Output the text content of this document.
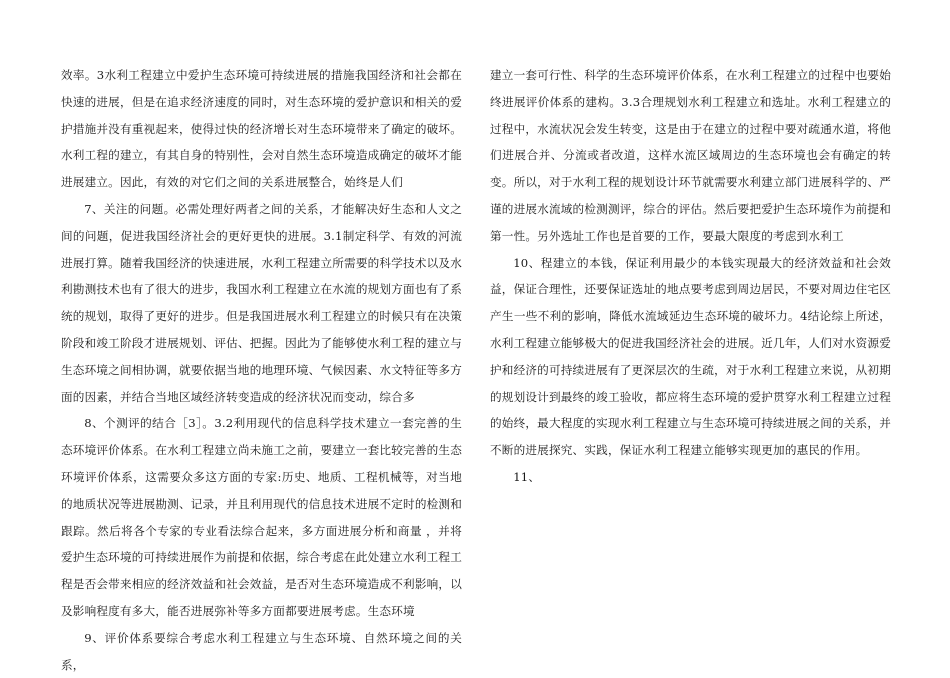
效率。3水利工程建立中爱护生态环境可持续进展的措施我国经济和社会都在快速的进展，但是在追求经济速度的同时，对生态环境的爱护意识和相关的爱护措施并没有重视起来，使得过快的经济增长对生态环境带来了确定的破坏。水利工程的建立，有其自身的特别性，会对自然生态环境造成确定的破坏才能进展建立。因此，有效的对它们之间的关系进展整合，始终是人们

7、关注的问题。必需处理好两者之间的关系，才能解决好生态和人文之间的问题，促进我国经济社会的更好更快的进展。3.1制定科学、有效的河流进展打算。随着我国经济的快速进展，水利工程建立所需要的科学技术以及水利勘测技术也有了很大的进步，我国水利工程建立在水流的规划方面也有了系统的规划，取得了更好的进步。但是我国进展水利工程建立的时候只有在决策阶段和竣工阶段才进展规划、评估、把握。因此为了能够使水利工程的建立与生态环境之间相协调，就要依据当地的地理环境、气候因素、水文特征等多方面的因素，并结合当地区域经济转变造成的经济状况而变动，综合多

8、个测评的结合［3］。3.2利用现代的信息科学技术建立一套完善的生态环境评价体系。在水利工程建立尚未施工之前，要建立一套比较完善的生态环境评价体系，这需要众多这方面的专家:历史、地质、工程机械等，对当地的地质状况等进展勘测、记录，并且利用现代的信息技术进展不定时的检测和跟踪。然后将各个专家的专业看法综合起来，多方面进展分析和商量 ，并将爱护生态环境的可持续进展作为前提和依据，综合考虑在此处建立水利工程工程是否会带来相应的经济效益和社会效益，是否对生态环境造成不利影响，以及影响程度有多大，能否进展弥补等多方面都要进展考虑。生态环境

9、评价体系要综合考虑水利工程建立与生态环境、自然环境之间的关系，

建立一套可行性、科学的生态环境评价体系，在水利工程建立的过程中也要始终进展评价体系的建构。3.3合理规划水利工程建立和选址。水利工程建立的过程中，水流状况会发生转变，这是由于在建立的过程中要对疏通水道，将他们进展合并、分流或者改道，这样水流区域周边的生态环境也会有确定的转变。所以，对于水利工程的规划设计环节就需要水利建立部门进展科学的、严谨的进展水流域的检测测评，综合的评估。然后要把爱护生态环境作为前提和第一性。另外选址工作也是首要的工作，要最大限度的考虑到水利工

10、程建立的本钱，保证利用最少的本钱实现最大的经济效益和社会效益，保证合理性，还要保证选址的地点要考虑到周边居民，不要对周边住宅区产生一些不利的影响，降低水流域延边生态环境的破坏力。4结论综上所述，水利工程建立能够极大的促进我国经济社会的进展。近几年，人们对水资源爱护和经济的可持续进展有了更深层次的生疏，对于水利工程建立来说，从初期的规划设计到最终的竣工验收，都应将生态环境的爱护贯穿水利工程建立过程的始终，最大程度的实现水利工程建立与生态环境可持续进展之间的关系，并不断的进展探究、实践，保证水利工程建立能够实现更加的惠民的作用。

11、
